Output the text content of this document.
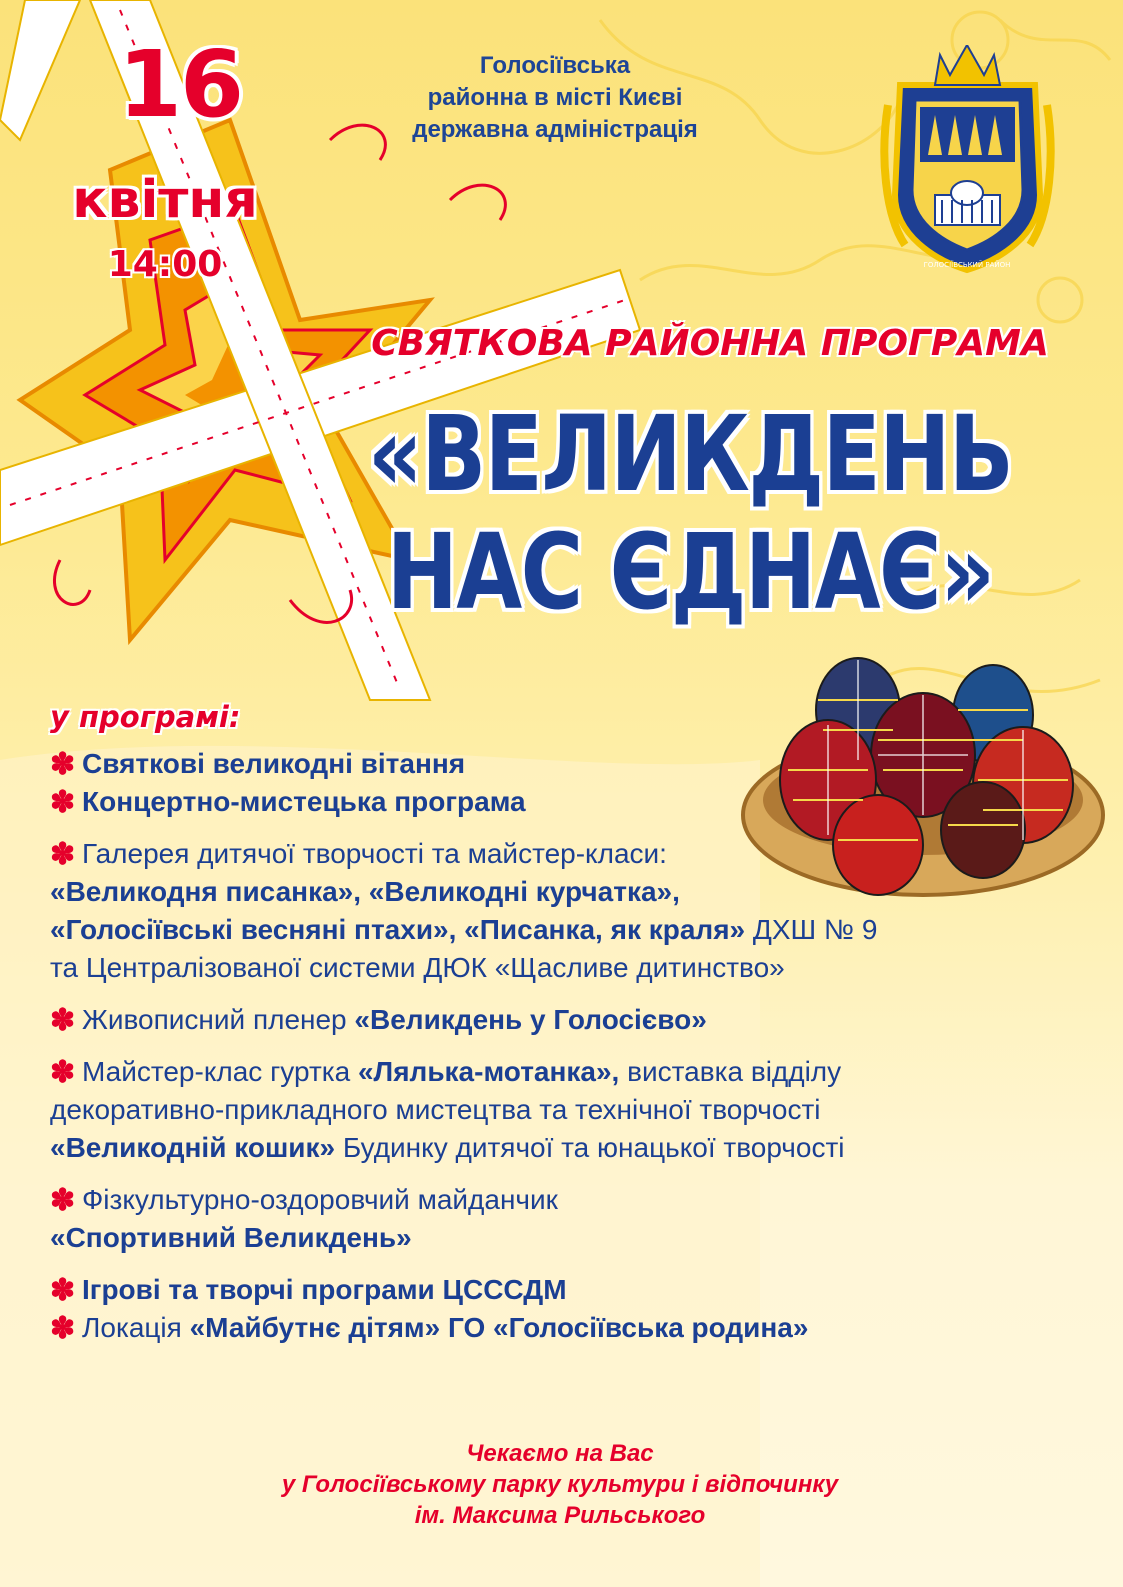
16
квітня
14:00
Голосіївська
районна в місті Києві
державна адміністрація
ГОЛОСІЇВСЬКИЙ РАЙОН
СВЯТКОВА РАЙОННА ПРОГРАМА
«ВЕЛИКДЕНЬ
НАС ЄДНАЄ»
у програмі:
✽ Святкові великодні вітання
✽ Концертно-мистецька програма
✽ Галерея дитячої творчості та майстер-класи:
«Великодня писанка», «Великодні курчатка»,
«Голосіївські весняні птахи», «Писанка, як краля» ДХШ № 9
та Централізованої системи ДЮК «Щасливе дитинство»
✽ Живописний пленер «Великдень у Голосієво»
✽ Майстер-клас гуртка «Лялька-мотанка», виставка відділу
декоративно-прикладного мистецтва та технічної творчості
«Великодній кошик» Будинку дитячої та юнацької творчості
✽ Фізкультурно-оздоровчий майданчик
«Спортивний Великдень»
✽ Ігрові та творчі програми ЦСССДМ
✽ Локація «Майбутнє дітям» ГО «Голосіївська родина»
Чекаємо на Вас
у Голосіївському парку культури і відпочинку
ім. Максима Рильського
